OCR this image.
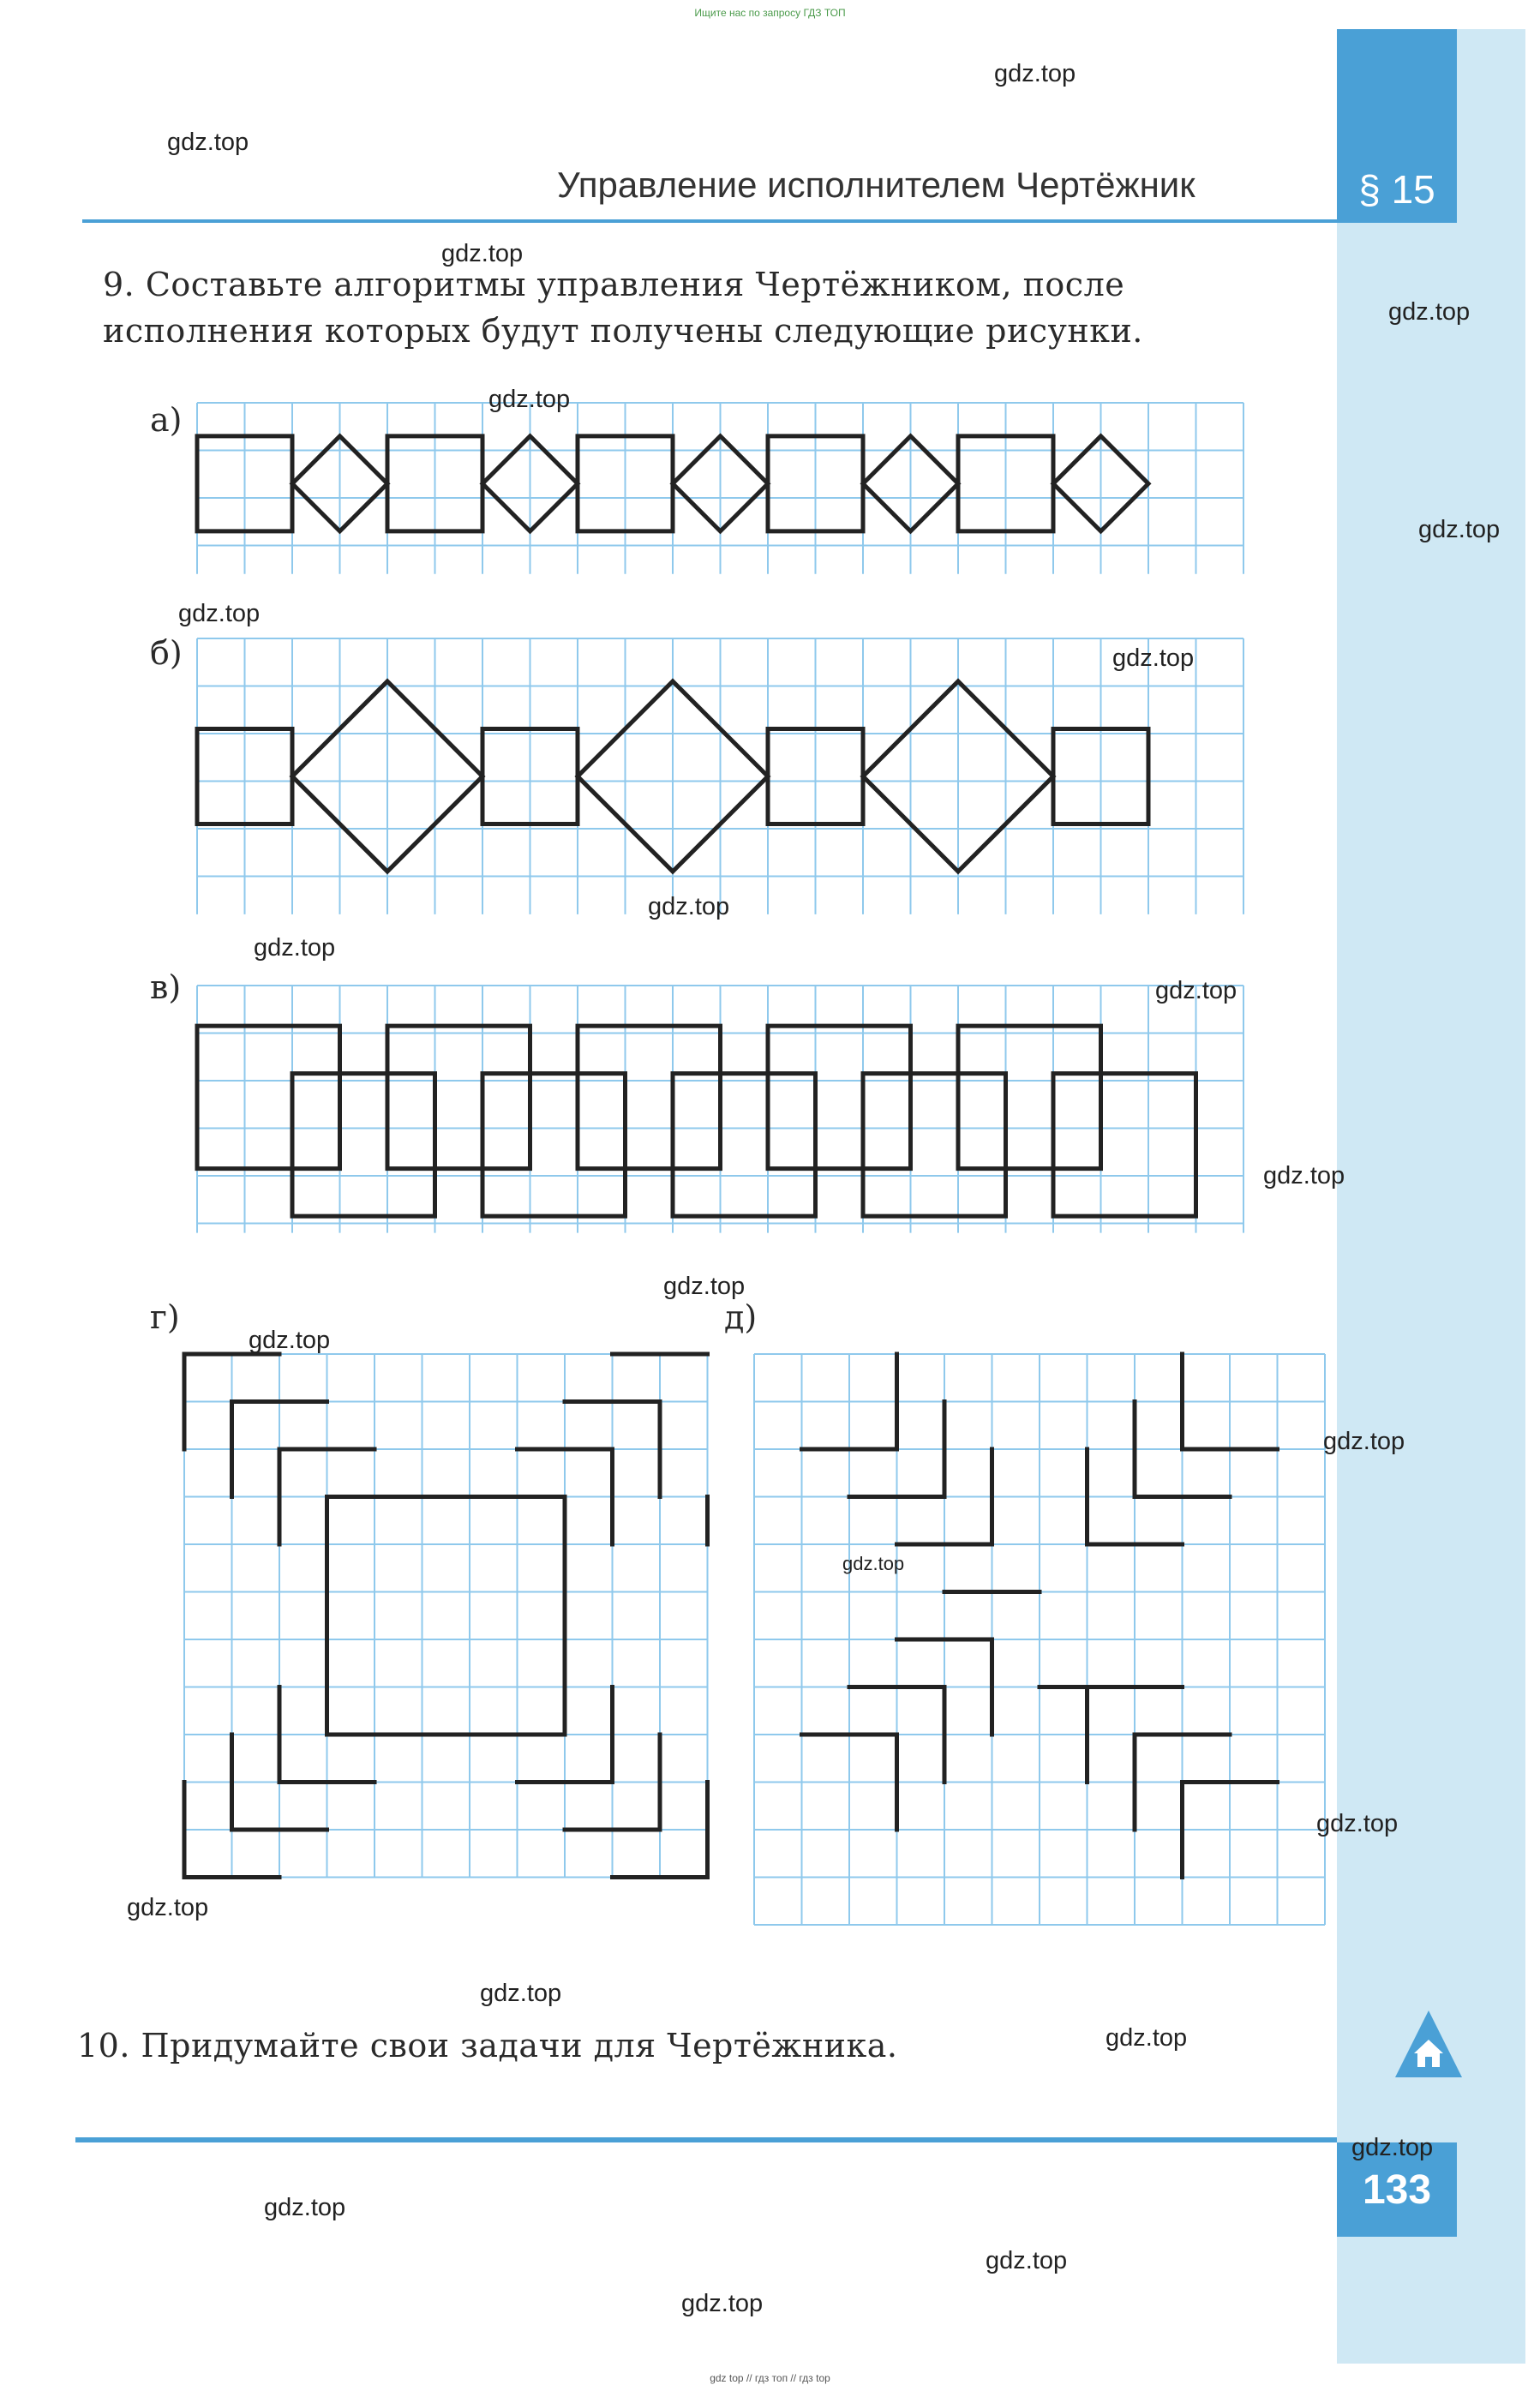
Ищите нас по запросу ГДЗ ТОП
§ 15
Управление исполнителем Чертёжник
9. Составьте алгоритмы управления Чертёжником, после исполнения которых будут получены следующие рисунки.
а)
б)
в)
г)	д)
10. Придумайте свои задачи для Чертёжника.
133
gdz.top
gdz.top
gdz.top
gdz.top
gdz.top
gdz.top
gdz.top
gdz.top
gdz.top
gdz.top
gdz.top
gdz.top
gdz.top
gdz.top
gdz.top
gdz.top
gdz.top
gdz.top
gdz.top
gdz.top
gdz.top
gdz.top
gdz.top
gdz.top
gdz top // гдз топ // гдз top
